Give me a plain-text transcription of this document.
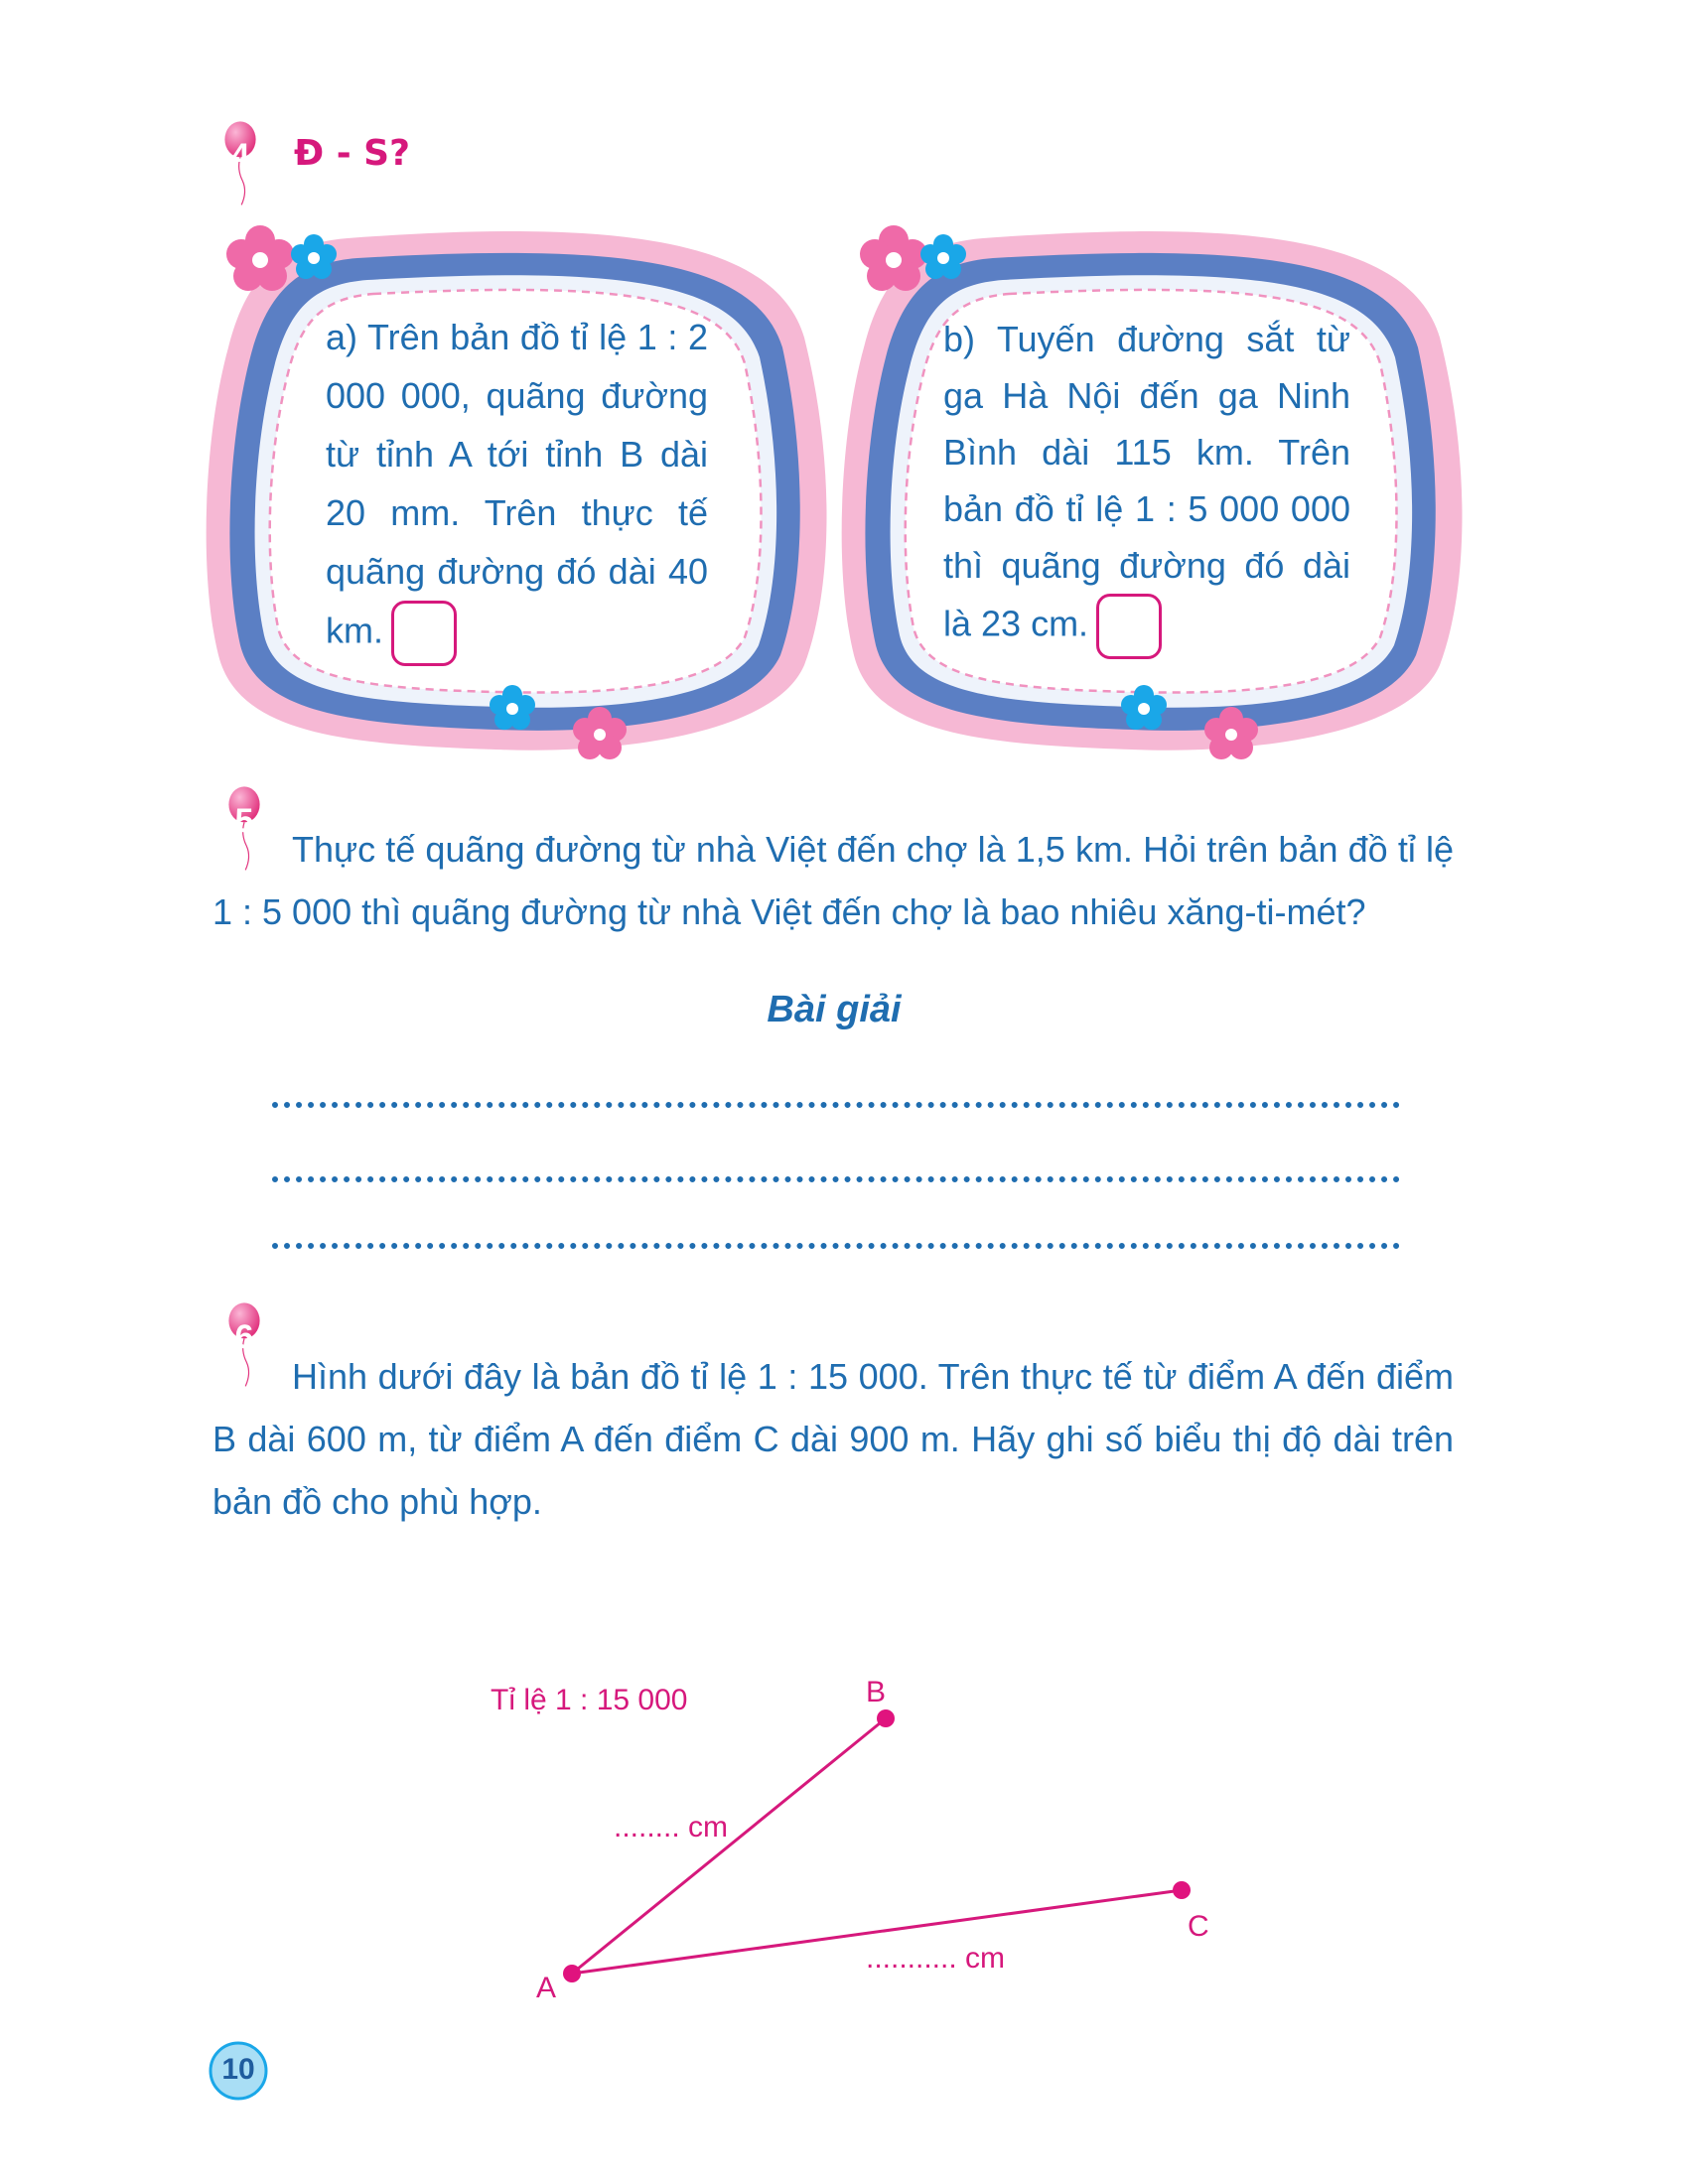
4	Đ - S?
a) Trên bản đồ tỉ lệ 1 : 2 000 000, quãng đường từ tỉnh A tới tỉnh B dài 20 mm. Trên thực tế quãng đường đó dài 40 km.
b) Tuyến đường sắt từ ga Hà Nội đến ga Ninh Bình dài 115 km. Trên bản đồ tỉ lệ 1 : 5 000 000 thì quãng đường đó dài là 23 cm.
5
Thực tế quãng đường từ nhà Việt đến chợ là 1,5 km. Hỏi trên bản đồ tỉ lệ 1 : 5 000 thì quãng đường từ nhà Việt đến chợ là bao nhiêu xăng-ti-mét?
Bài giải
6
Hình dưới đây là bản đồ tỉ lệ 1 : 15 000. Trên thực tế từ điểm A đến điểm B dài 600 m, từ điểm A đến điểm C dài 900 m. Hãy ghi số biểu thị độ dài trên bản đồ cho phù hợp.
Tỉ lệ 1 : 15 000	B
C
A
........ cm
........... cm
10
